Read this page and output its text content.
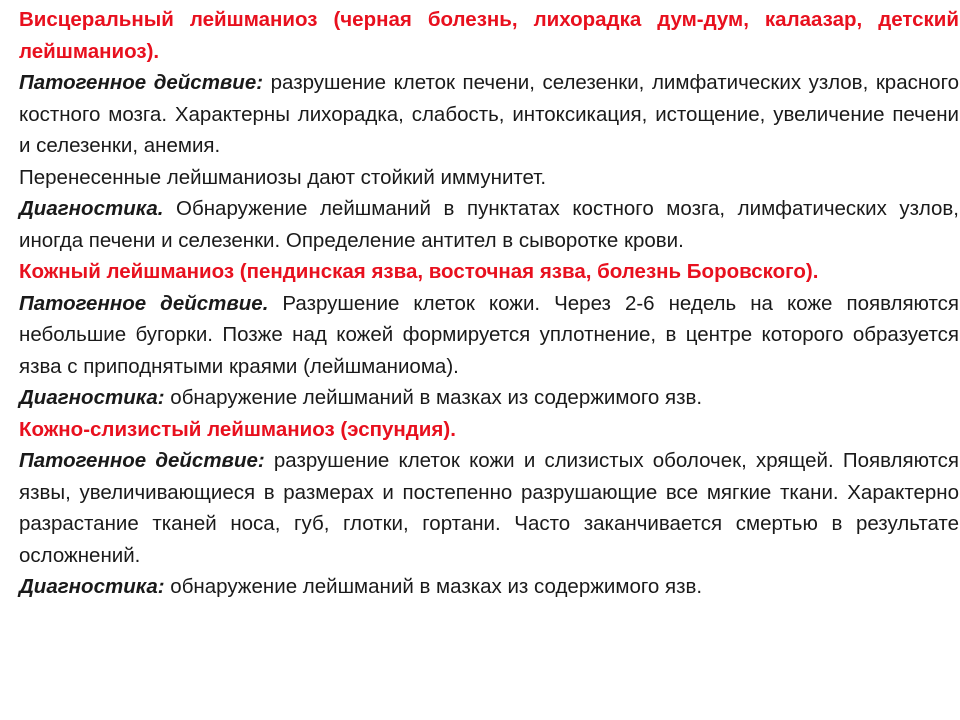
Висцеральный лейшманиоз (черная болезнь, лихорадка дум-дум, калаазар, детский лейшманиоз).

Патогенное действие: разрушение клеток печени, селезенки, лимфатических узлов, красного костного мозга. Характерны лихорадка, слабость, интоксикация, истощение, увеличение печени и селезенки, анемия.

Перенесенные лейшманиозы дают стойкий иммунитет.

Диагностика. Обнаружение лейшманий в пунктатах костного мозга, лимфатических узлов, иногда печени и селезенки. Определение антител в сыворотке крови.

Кожный лейшманиоз (пендинская язва, восточная язва, болезнь Боровского).

Патогенное действие. Разрушение клеток кожи. Через 2-6 недель на коже появляются небольшие бугорки. Позже над кожей формируется уплотнение, в центре которого образуется язва с приподнятыми краями (лейшманиома).

Диагностика: обнаружение лейшманий в мазках из содержимого язв.

Кожно-слизистый лейшманиоз (эспундия).

Патогенное действие: разрушение клеток кожи и слизистых оболочек, хрящей. Появляются язвы, увеличивающиеся в размерах и постепенно разрушающие все мягкие ткани. Характерно разрастание тканей носа, губ, глотки, гортани. Часто заканчивается смертью в результате осложнений.

Диагностика: обнаружение лейшманий в мазках из содержимого язв.
